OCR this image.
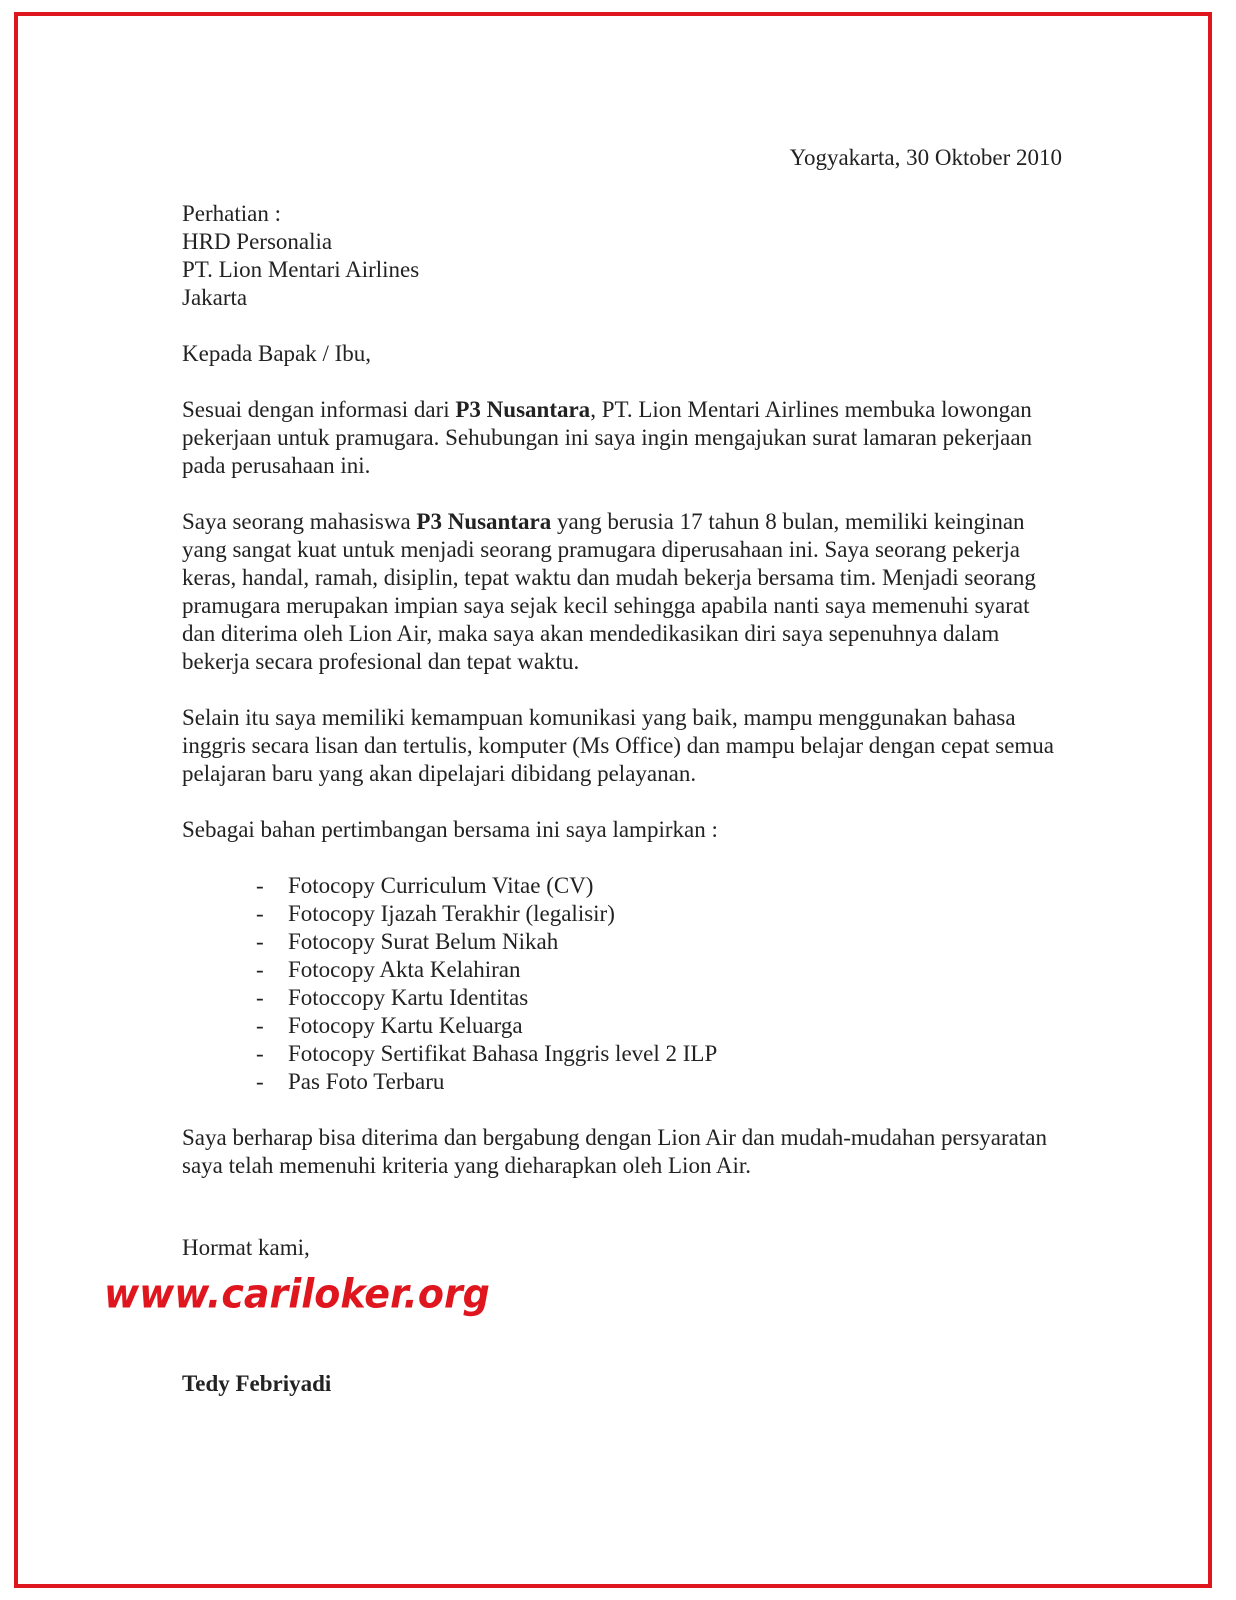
Yogyakarta, 30 Oktober 2010

Perhatian :

HRD Personalia

PT. Lion Mentari Airlines

Jakarta

Kepada Bapak / Ibu,

Sesuai dengan informasi dari P3 Nusantara, PT. Lion Mentari Airlines membuka lowongan pekerjaan untuk pramugara. Sehubungan ini saya ingin mengajukan surat lamaran pekerjaan pada perusahaan ini.

Saya seorang mahasiswa P3 Nusantara yang berusia 17 tahun 8 bulan, memiliki keinginan yang sangat kuat untuk menjadi seorang pramugara diperusahaan ini. Saya seorang pekerja keras, handal, ramah, disiplin, tepat waktu dan mudah bekerja bersama tim. Menjadi seorang pramugara merupakan impian saya sejak kecil sehingga apabila nanti saya memenuhi syarat dan diterima oleh Lion Air, maka saya akan mendedikasikan diri saya sepenuhnya dalam bekerja secara profesional dan tepat waktu.

Selain itu saya memiliki kemampuan komunikasi yang baik, mampu menggunakan bahasa inggris secara lisan dan tertulis, komputer (Ms Office) dan mampu belajar dengan cepat semua pelajaran baru yang akan dipelajari dibidang pelayanan.

Sebagai bahan pertimbangan bersama ini saya lampirkan :

- Fotocopy Curriculum Vitae (CV)
- Fotocopy Ijazah Terakhir (legalisir)
- Fotocopy Surat Belum Nikah
- Fotocopy Akta Kelahiran
- Fotoccopy Kartu Identitas
- Fotocopy Kartu Keluarga
- Fotocopy Sertifikat Bahasa Inggris level 2 ILP
- Pas Foto Terbaru

Saya berharap bisa diterima dan bergabung dengan Lion Air dan mudah-mudahan persyaratan saya telah memenuhi kriteria yang dieharapkan oleh Lion Air.

Hormat kami,

www.cariloker.org
Tedy Febriyadi
